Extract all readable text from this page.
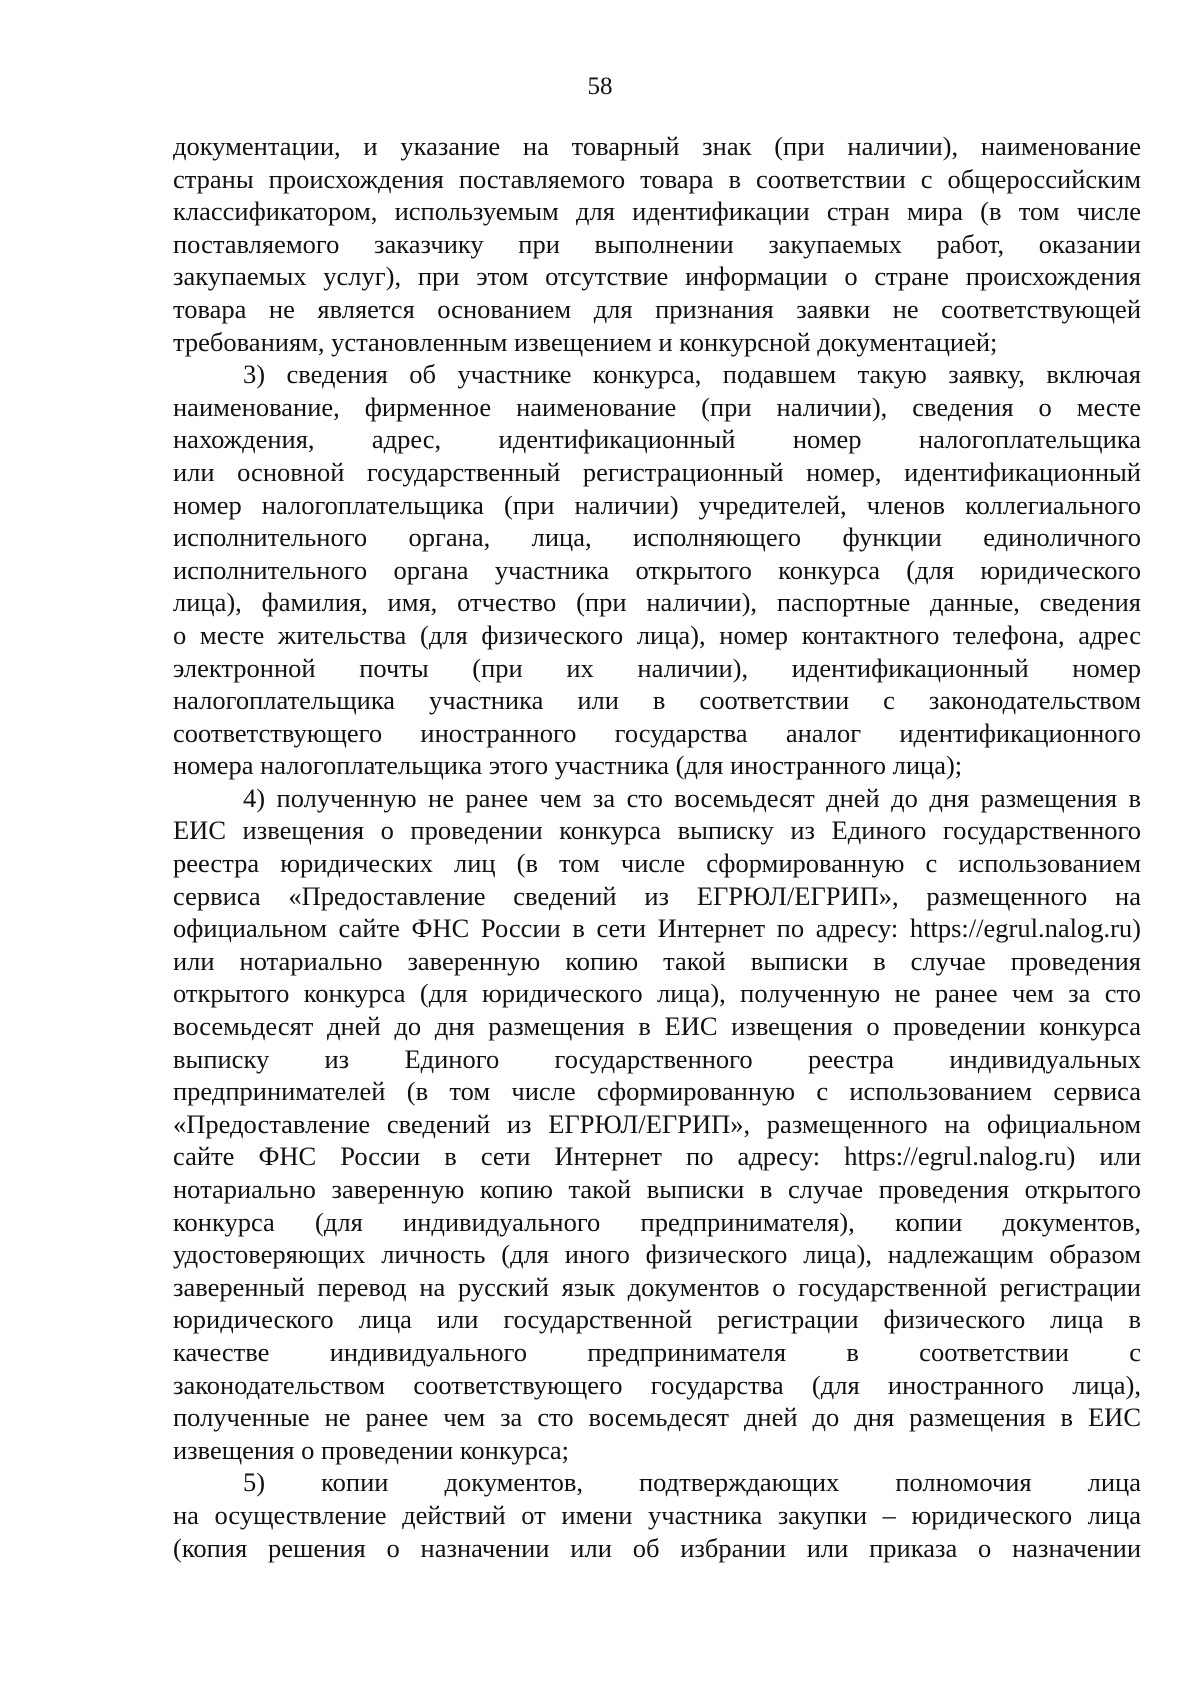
58
документации, и указание на товарный знак (при наличии), наименование
страны происхождения поставляемого товара в соответствии с общероссийским
классификатором, используемым для идентификации стран мира (в том числе
поставляемого заказчику при выполнении закупаемых работ, оказании
закупаемых услуг), при этом отсутствие информации о стране происхождения
товара не является основанием для признания заявки не соответствующей
требованиям, установленным извещением и конкурсной документацией;
3) сведения об участнике конкурса, подавшем такую заявку, включая
наименование, фирменное наименование (при наличии), сведения о месте
нахождения, адрес, идентификационный номер налогоплательщика
или основной государственный регистрационный номер, идентификационный
номер налогоплательщика (при наличии) учредителей, членов коллегиального
исполнительного органа, лица, исполняющего функции единоличного
исполнительного органа участника открытого конкурса (для юридического
лица), фамилия, имя, отчество (при наличии), паспортные данные, сведения
о месте жительства (для физического лица), номер контактного телефона, адрес
электронной почты (при их наличии), идентификационный номер
налогоплательщика участника или в соответствии с законодательством
соответствующего иностранного государства аналог идентификационного
номера налогоплательщика этого участника (для иностранного лица);
4) полученную не ранее чем за сто восемьдесят дней до дня размещения в
ЕИС извещения о проведении конкурса выписку из Единого государственного
реестра юридических лиц (в том числе сформированную с использованием
сервиса «Предоставление сведений из ЕГРЮЛ/ЕГРИП», размещенного на
официальном сайте ФНС России в сети Интернет по адресу: https://egrul.nalog.ru)
или нотариально заверенную копию такой выписки в случае проведения
открытого конкурса (для юридического лица), полученную не ранее чем за сто
восемьдесят дней до дня размещения в ЕИС извещения о проведении конкурса
выписку из Единого государственного реестра индивидуальных
предпринимателей (в том числе сформированную с использованием сервиса
«Предоставление сведений из ЕГРЮЛ/ЕГРИП», размещенного на официальном
сайте ФНС России в сети Интернет по адресу: https://egrul.nalog.ru) или
нотариально заверенную копию такой выписки в случае проведения открытого
конкурса (для индивидуального предпринимателя), копии документов,
удостоверяющих личность (для иного физического лица), надлежащим образом
заверенный перевод на русский язык документов о государственной регистрации
юридического лица или государственной регистрации физического лица в
качестве индивидуального предпринимателя в соответствии с
законодательством соответствующего государства (для иностранного лица),
полученные не ранее чем за сто восемьдесят дней до дня размещения в ЕИС
извещения о проведении конкурса;
5) копии документов, подтверждающих полномочия лица
на осуществление действий от имени участника закупки – юридического лица
(копия решения о назначении или об избрании или приказа о назначении
